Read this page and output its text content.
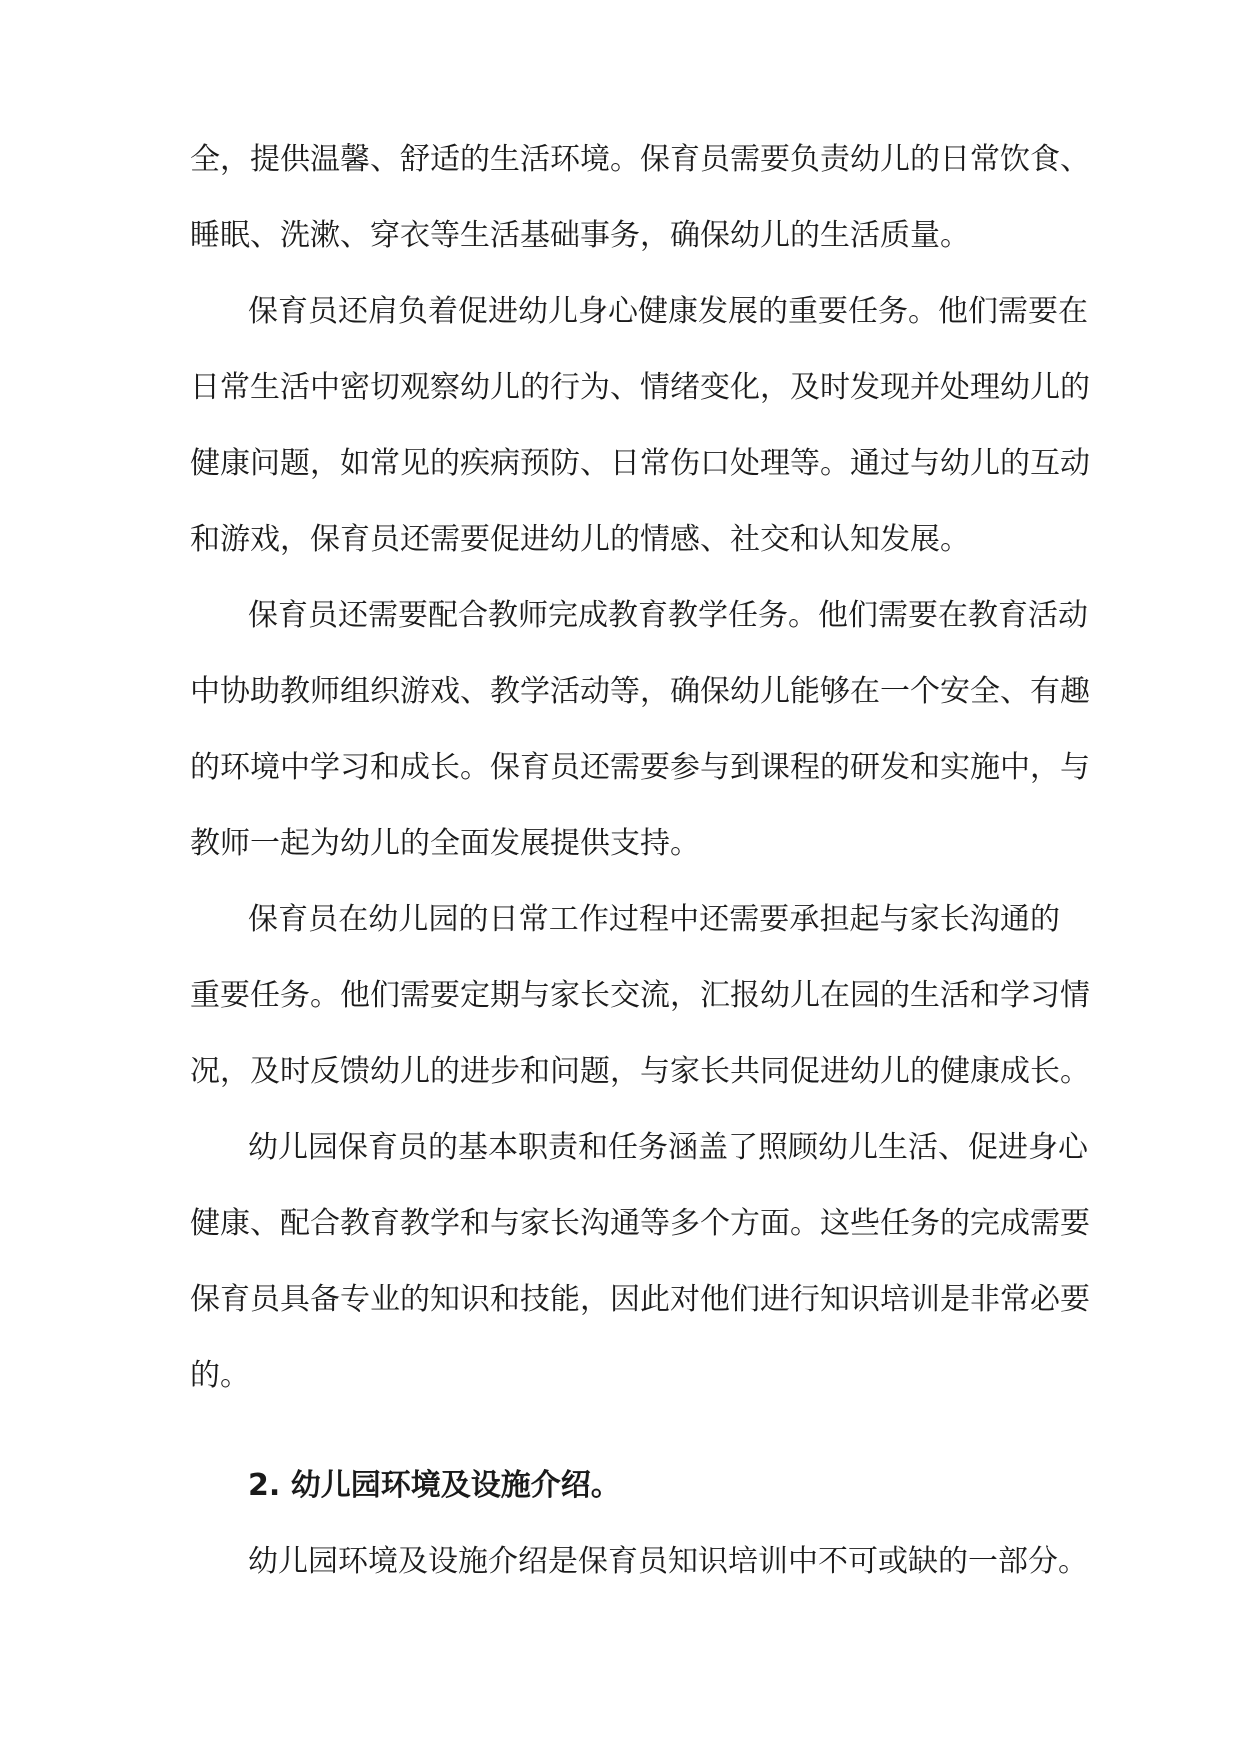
全，提供温馨、舒适的生活环境。保育员需要负责幼儿的日常饮食、
睡眠、洗漱、穿衣等生活基础事务，确保幼儿的生活质量。
保育员还肩负着促进幼儿身心健康发展的重要任务。他们需要在
日常生活中密切观察幼儿的行为、情绪变化，及时发现并处理幼儿的
健康问题，如常见的疾病预防、日常伤口处理等。通过与幼儿的互动
和游戏，保育员还需要促进幼儿的情感、社交和认知发展。
保育员还需要配合教师完成教育教学任务。他们需要在教育活动
中协助教师组织游戏、教学活动等，确保幼儿能够在一个安全、有趣
的环境中学习和成长。保育员还需要参与到课程的研发和实施中，与
教师一起为幼儿的全面发展提供支持。
保育员在幼儿园的日常工作过程中还需要承担起与家长沟通的
重要任务。他们需要定期与家长交流，汇报幼儿在园的生活和学习情
况，及时反馈幼儿的进步和问题，与家长共同促进幼儿的健康成长。
幼儿园保育员的基本职责和任务涵盖了照顾幼儿生活、促进身心
健康、配合教育教学和与家长沟通等多个方面。这些任务的完成需要
保育员具备专业的知识和技能，因此对他们进行知识培训是非常必要
的。
2. 幼儿园环境及设施介绍。
幼儿园环境及设施介绍是保育员知识培训中不可或缺的一部分。
